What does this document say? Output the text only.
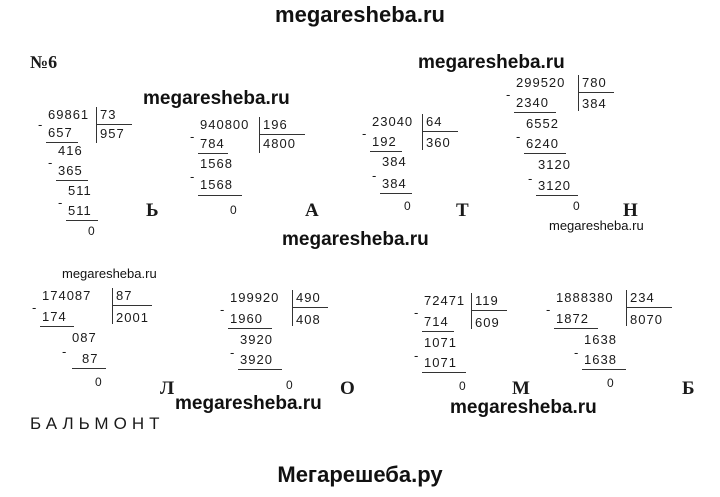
megaresheba.ru
megaresheba.ru
megaresheba.ru
megaresheba.ru
megaresheba.ru
megaresheba.ru
megaresheba.ru	megaresheba.ru
Мегарешеба.ру
№6
69861 73
957
-
657
416
-
365
511
-
511
0
Ь
940800 196
4800
- 784
1568
-
1568
0	А
23040 64
360
-
192
384
-
384
0 Т
299520 780
384
-
2340
6552
- 6240
3120
- 3120
0 Н
174087 87
2001
-
174
087
- 87
0	Л
199920 490
408
-
1960
3920
- 3920
0 О
72471 119
609
-
714
1071
- 1071
0 М
1888380 234
8070
-
1872
1638
- 1638
0	Б
БАЛЬМОНТ
